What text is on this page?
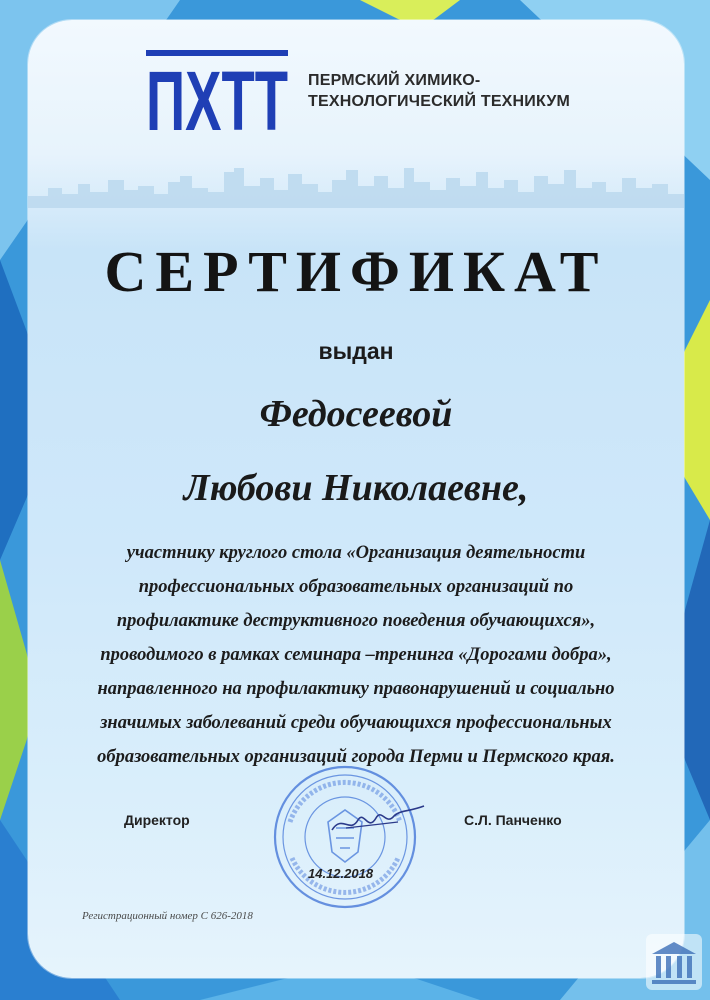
ПХТТ ПЕРМСКИЙ ХИМИКО-
ТЕХНОЛОГИЧЕСКИЙ ТЕХНИКУМ
СЕРТИФИКАТ
выдан
Федосеевой
Любови Николаевне,
участнику круглого стола «Организация деятельности
профессиональных образовательных организаций по
профилактике деструктивного поведения обучающихся»,
проводимого в рамках семинара –тренинга «Дорогами добра»,
направленного на профилактику правонарушений и социально
значимых заболеваний среди обучающихся профессиональных
образовательных организаций города Перми и Пермского края.
Директор	С.Л. Панченко
14.12.2018
Регистрационный номер С 626-2018
